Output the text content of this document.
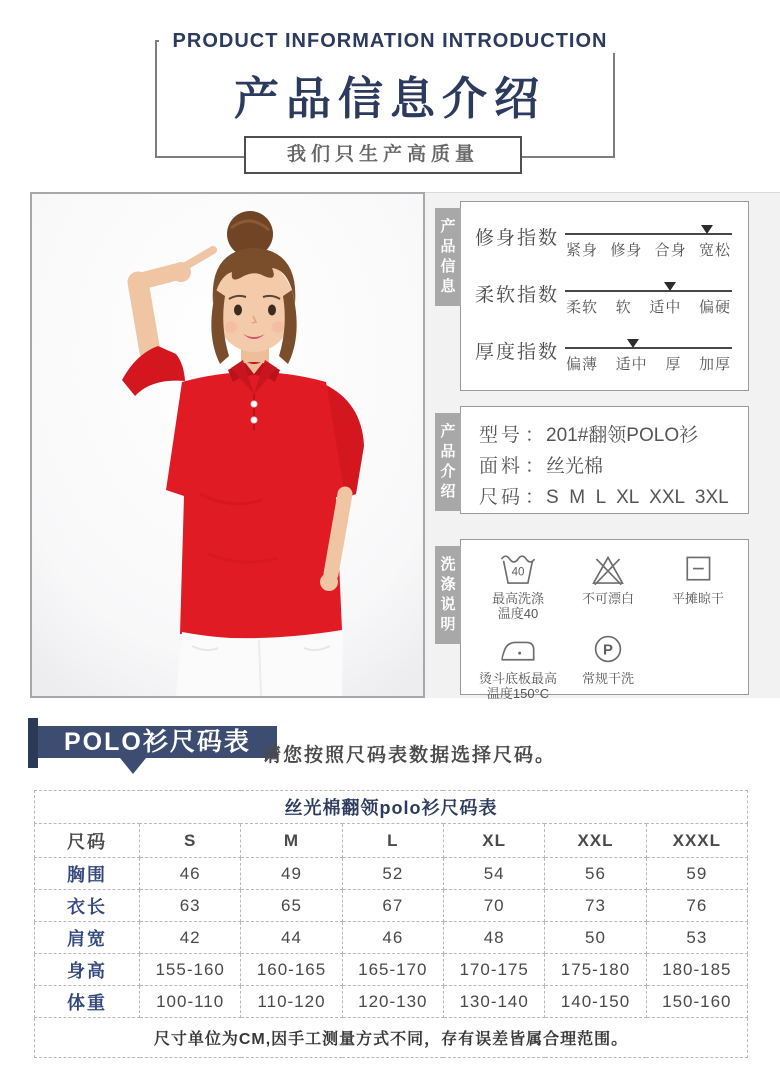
PRODUCT INFORMATION INTRODUCTION
产品信息介绍
我们只生产高质量
产
品
信
息
修身指数
紧身 修身 合身 宽松
柔软指数
柔软 软 适中 偏硬
厚度指数
偏薄 适中 厚 加厚
产
品
介
绍
型号 ： 201#翻领POLO衫
面料 ： 丝光棉
尺码 ： S  M  L  XL  XXL  3XL
洗
涤
说
明
40
最高洗涤
温度40
不可漂白	平摊晾干
烫斗底板最高
温度150°C
P
常规干洗
POLO衫尺码表 请您按照尺码表数据选择尺码。
丝光棉翻领polo衫尺码表						
尺码	S	M	L	XL	XXL	XXXL
胸围	46	49	52	54	56	59
衣长	63	65	67	70	73	76
肩宽	42	44	46	48	50	53
身高	155-160	160-165	165-170	170-175	175-180	180-185
体重	100-110	110-120	120-130	130-140	140-150	150-160
尺寸单位为CM,因手工测量方式不同，存有误差皆属合理范围。						
